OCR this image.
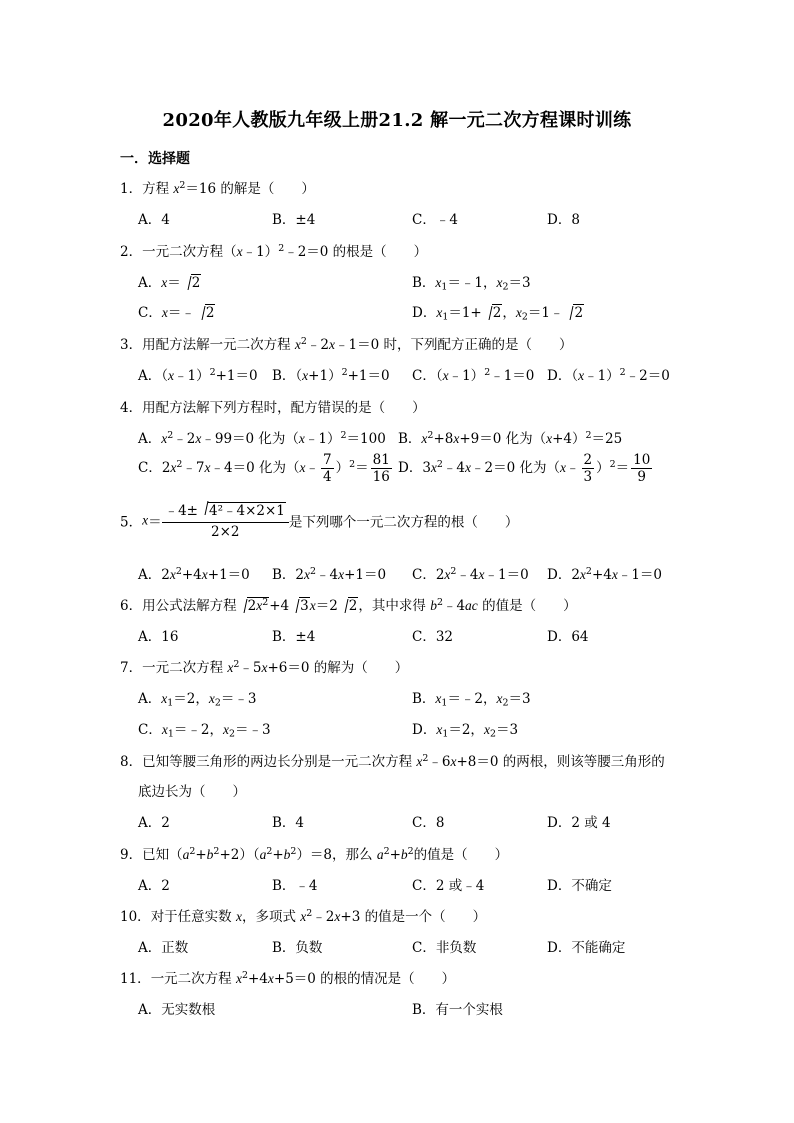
2020年人教版九年级上册21.2 解一元二次方程课时训练
一．选择题
1．方程 $x^2=16$ 的解是（　　）
A．4	B．±4	C．﹣4	D．8
2．一元二次方程（x﹣1）$^2$﹣2＝0 的根是（　　）
A．x＝ 2	B．$x_1=﹣1$，$x_2=3$
C．x＝﹣ 2	D．$x_1=1+ 2$，$x_2=1﹣$ 2
3．用配方法解一元二次方程 $x^2﹣2x﹣1=0$ 时，下列配方正确的是（　　）
A．（x﹣1）$^2$+1＝0 B．$(x+1)^2+1=0$ C．（x﹣1）$^2$﹣1＝0 D．（x﹣1）$^2$﹣2＝0
4．用配方法解下列方程时，配方错误的是（　　）
A．$x^2﹣2x﹣99=0$ 化为（x﹣1）$^2$＝100 B．$x^2+8x+9=0$ 化为$(x+4)^2=25$
C．$2x^2﹣7x﹣4=0$ 化为（x﹣ $\frac{7}{4} )^2= \frac{81}{16}$ D．$3x^2﹣4x﹣2=0$ 化为（x﹣ $\frac{2}{3} )^2= \frac{10}{9}$
5．$x= \frac{\text{﹣4± 4²﹣4×2×1}}{2\times 2}$ 是下列哪个一元二次方程的根（　　）
A．$2x^2+4x+1=0$ B．$2x^2﹣4x+1=0$ C．$2x^2﹣4x﹣1=0$ D．$2x^2+4x﹣1=0$
6．用公式法解方程 $2x^2+4$ 3x＝2 2，其中求得 $b^2﹣4ac$ 的值是（　　）
A．16	B．±4	C．32	D．64
7．一元二次方程 $x^2﹣5x+6=0$ 的解为（　　）
A．$x_1=2$，$x_2=﹣3$	B．$x_1=﹣2$，$x_2=3$
C．$x_1=﹣2$，$x_2=﹣3$	D．$x_1=2$，$x_2=3$
8．已知等腰三角形的两边长分别是一元二次方程 $x^2﹣6x+8=0$ 的两根，则该等腰三角形的
底边长为（　　）
A．2	B．4	C．8	D．2 或 4
9．已知$(a^2+b^2+2)(a^2+b^2)=8$，那么 $a^2+b^2$的值是（　　）
A．2	B．﹣4	C．2 或﹣4	D．不确定
10．对于任意实数 x，多项式 $x^2﹣2x+3$ 的值是一个（　　）
A．正数	B．负数	C．非负数	D．不能确定
11．一元二次方程 $x^2+4x+5=0$ 的根的情况是（　　）
A．无实数根	B．有一个实根
